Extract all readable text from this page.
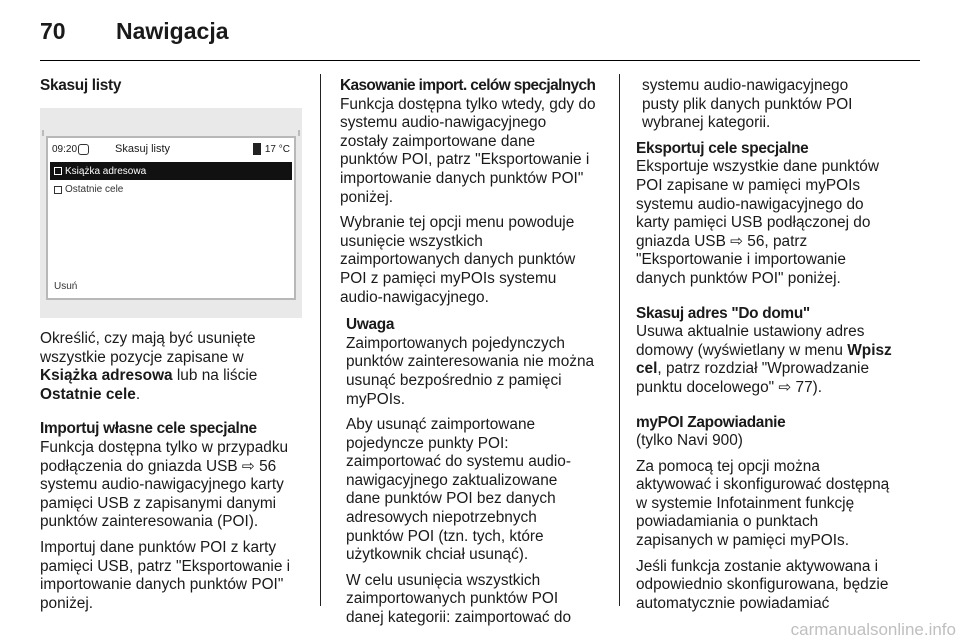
70	Nawigacja
Skasuj listy
09:20	Skasuj listy	17 °C
Książka adresowa
Ostatnie cele
Usuń
Określić, czy mają być usunięte
wszystkie pozycje zapisane w
Książka adresowa lub na liście
Ostatnie cele.
Importuj własne cele specjalne
Funkcja dostępna tylko w przypadku
podłączenia do gniazda USB ⇨ 56
systemu audio-nawigacyjnego karty
pamięci USB z zapisanymi danymi
punktów zainteresowania (POI).
Importuj dane punktów POI z karty
pamięci USB, patrz "Eksportowanie i
importowanie danych punktów POI"
poniżej.
Kasowanie import. celów specjalnych
Funkcja dostępna tylko wtedy, gdy do
systemu audio-nawigacyjnego
zostały zaimportowane dane
punktów POI, patrz "Eksportowanie i
importowanie danych punktów POI"
poniżej.
Wybranie tej opcji menu powoduje
usunięcie wszystkich
zaimportowanych danych punktów
POI z pamięci myPOIs systemu
audio-nawigacyjnego.
Uwaga
Zaimportowanych pojedynczych
punktów zainteresowania nie można
usunąć bezpośrednio z pamięci
myPOIs.
Aby usunąć zaimportowane
pojedyncze punkty POI:
zaimportować do systemu audio-
nawigacyjnego zaktualizowane
dane punktów POI bez danych
adresowych niepotrzebnych
punktów POI (tzn. tych, które
użytkownik chciał usunąć).
W celu usunięcia wszystkich
zaimportowanych punktów POI
danej kategorii: zaimportować do
systemu audio-nawigacyjnego
pusty plik danych punktów POI
wybranej kategorii.
Eksportuj cele specjalne
Eksportuje wszystkie dane punktów
POI zapisane w pamięci myPOIs
systemu audio-nawigacyjnego do
karty pamięci USB podłączonej do
gniazda USB ⇨ 56, patrz
"Eksportowanie i importowanie
danych punktów POI" poniżej.
Skasuj adres "Do domu"
Usuwa aktualnie ustawiony adres
domowy (wyświetlany w menu Wpisz
cel, patrz rozdział "Wprowadzanie
punktu docelowego" ⇨ 77).
myPOI Zapowiadanie
(tylko Navi 900)
Za pomocą tej opcji można
aktywować i skonfigurować dostępną
w systemie Infotainment funkcję
powiadamiania o punktach
zapisanych w pamięci myPOIs.
Jeśli funkcja zostanie aktywowana i
odpowiednio skonfigurowana, będzie
automatycznie powiadamiać
carmanualsonline.info
